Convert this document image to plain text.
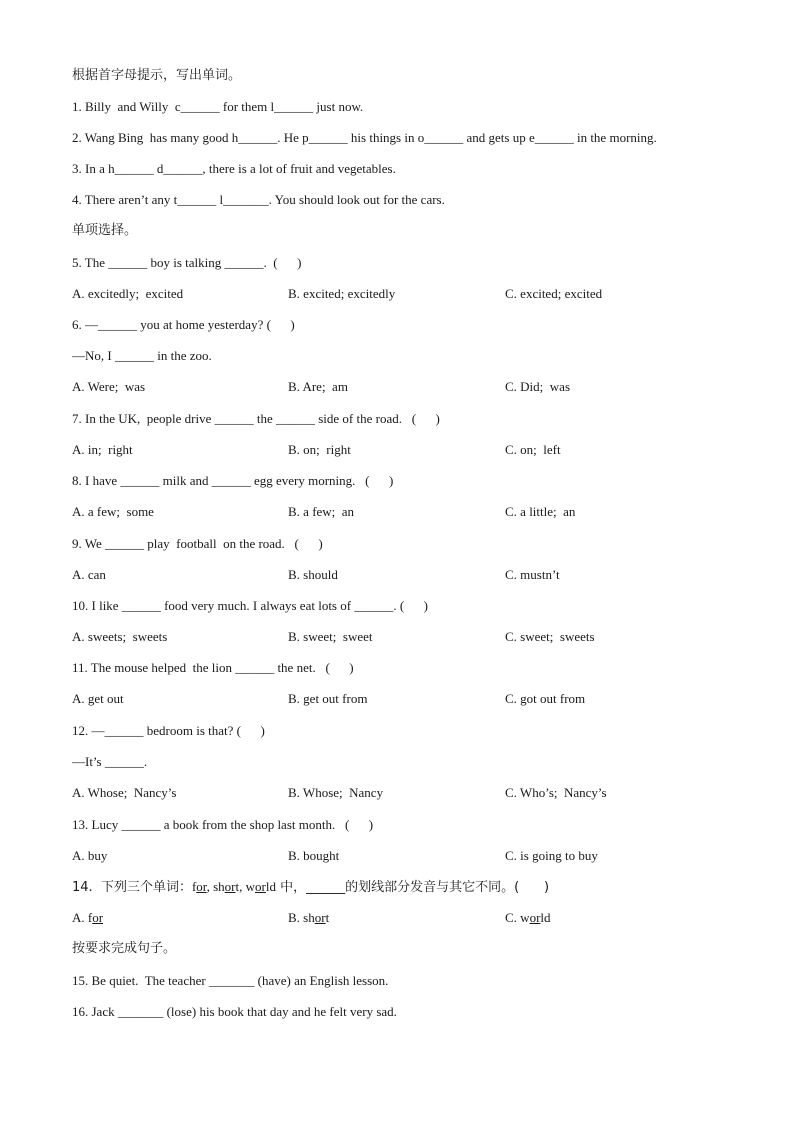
根据首字母提示，写出单词。
1. Billy  and Willy  c______ for them l______ just now.
2. Wang Bing  has many good h______. He p______ his things in o______ and gets up e______ in the morning.
3. In a h______ d______, there is a lot of fruit and vegetables.
4. There aren’t any t______ l_______. You should look out for the cars.
单项选择。
5. The ______ boy is talking ______.  (      )
A. excitedly;  excited	B. excited; excitedly	C. excited; excited
6. —______ you at home yesterday? (      )
—No, I ______ in the zoo.
A. Were;  was	B. Are;  am	C. Did;  was
7. In the UK,  people drive ______ the ______ side of the road.   (      )
A. in;  right	B. on;  right	C. on;  left
8. I have ______ milk and ______ egg every morning.   (      )
A. a few;  some	B. a few;  an	C. a little;  an
9. We ______ play  football  on the road.   (      )
A. can	B. should	C. mustn’t
10. I like ______ food very much. I always eat lots of ______. (      )
A. sweets;  sweets	B. sweet;  sweet	C. sweet;  sweets
11. The mouse helped  the lion ______ the net.   (      )
A. get out	B. get out from	C. got out from
12. —______ bedroom is that? (      )
—It’s ______.
A. Whose;  Nancy’s	B. Whose;  Nancy	C. Who’s;  Nancy’s
13. Lucy ______ a book from the shop last month.   (      )
A. buy	B. bought	C. is going to buy
14.  下列三个单词：for, short, world 中，______的划线部分发音与其它不同。(      )
A. for	B. short	C. world
按要求完成句子。
15. Be quiet.  The teacher _______ (have) an English lesson.
16. Jack _______ (lose) his book that day and he felt very sad.
